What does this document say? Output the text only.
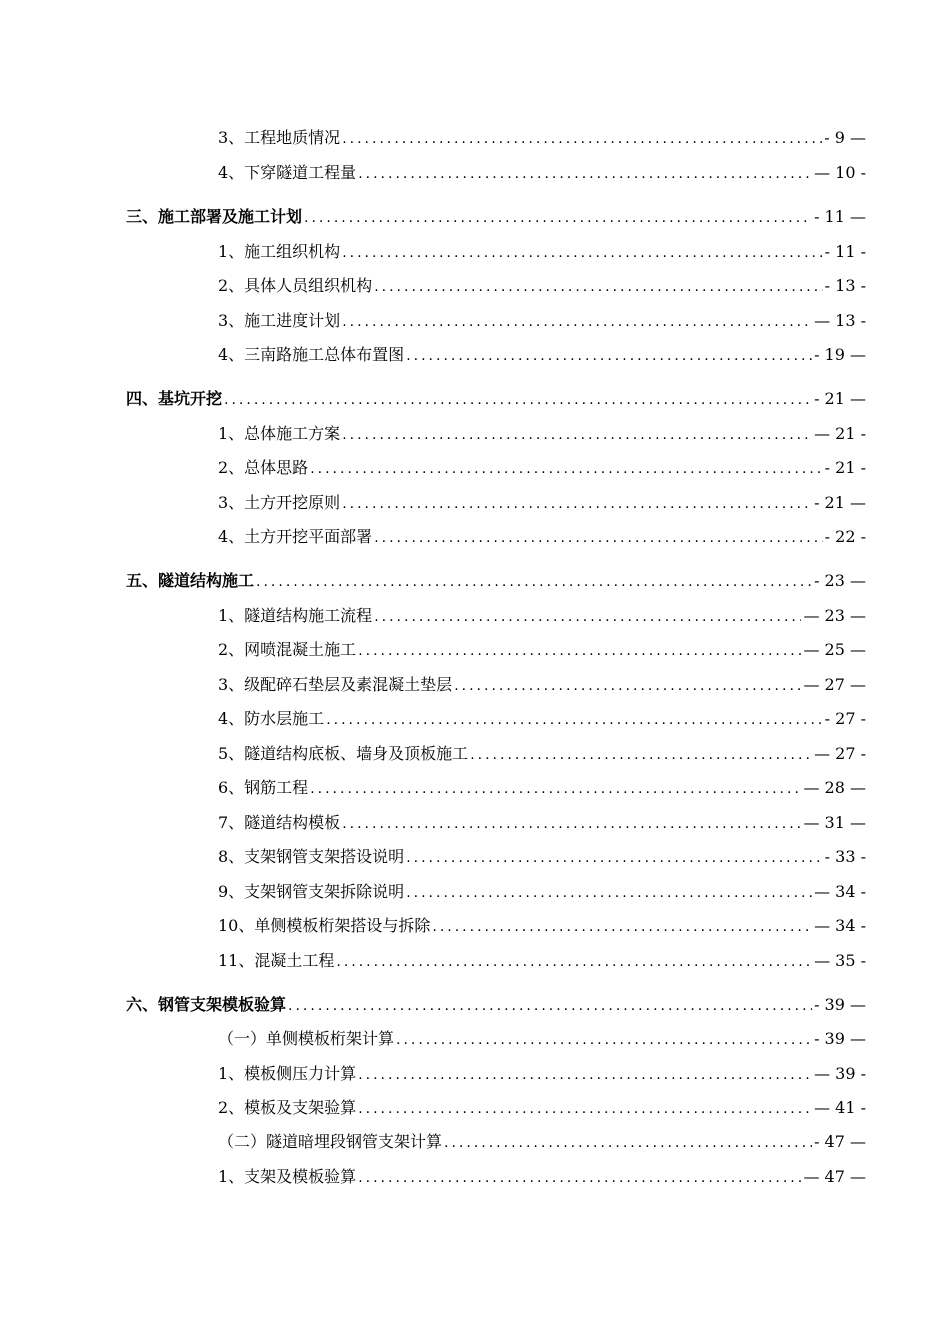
3、工程地质情况 .....	- 9 —
4、下穿隧道工程量 .....	— 10 -
三、施工部署及施工计划 .....	- 11 —
1、施工组织机构 .....	- 11 -
2、具体人员组织机构 .....	- 13 -
3、施工进度计划 .....	— 13 -
4、三南路施工总体布置图 .....	- 19 —
四、基坑开挖 .....	- 21 —
1、总体施工方案 .....	— 21 -
2、总体思路 .....	- 21 -
3、土方开挖原则 .....	- 21 —
4、土方开挖平面部署 .....	- 22 -
五、隧道结构施工 .....	- 23 —
1、隧道结构施工流程 .....	— 23 —
2、网喷混凝土施工 .....	— 25 —
3、级配碎石垫层及素混凝土垫层 .....	— 27 —
4、防水层施工 .....	- 27 -
5、隧道结构底板、墙身及顶板施工 .....	— 27 -
6、钢筋工程 .....	— 28 —
7、隧道结构模板 .....	— 31 —
8、支架钢管支架搭设说明 .....	- 33 -
9、支架钢管支架拆除说明 .....	— 34 -
10、单侧模板桁架搭设与拆除 .....	— 34 -
11、混凝土工程 .....	— 35 -
六、钢管支架模板验算 .....	- 39 —
（一）单侧模板桁架计算 .....	- 39 —
1、模板侧压力计算 .....	— 39 -
2、模板及支架验算 .....	— 41 -
（二）隧道暗埋段钢管支架计算 .....	- 47 —
1、支架及模板验算 .....	— 47 —
